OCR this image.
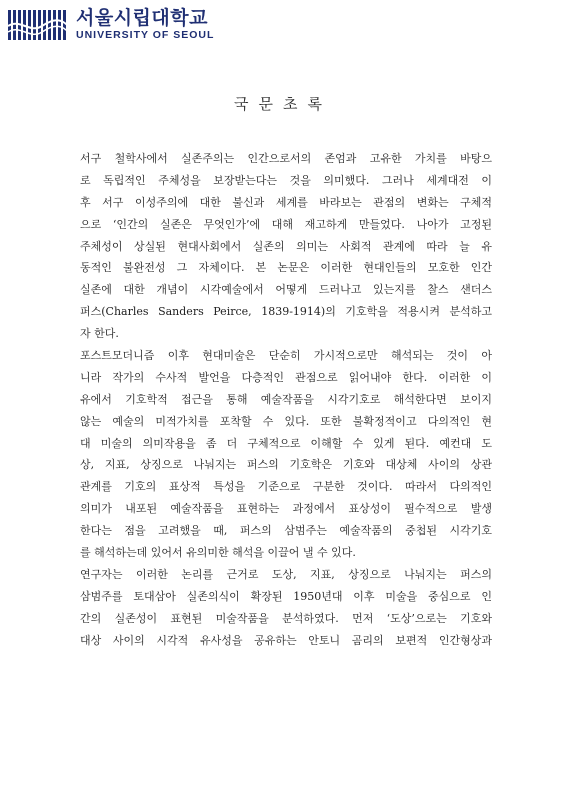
서울시립대학교
UNIVERSITY OF SEOUL
국문초록
서구 철학사에서 실존주의는 인간으로서의 존엄과 고유한 가치를 바탕으
로 독립적인 주체성을 보장받는다는 것을 의미했다. 그러나 세계대전 이
후 서구 이성주의에 대한 불신과 세계를 바라보는 관점의 변화는 구체적
으로 ‘인간의 실존은 무엇인가’에 대해 재고하게 만들었다. 나아가 고정된
주체성이 상실된 현대사회에서 실존의 의미는 사회적 관계에 따라 늘 유
동적인 불완전성 그 자체이다. 본 논문은 이러한 현대인들의 모호한 인간
실존에 대한 개념이 시각예술에서 어떻게 드러나고 있는지를 찰스 샌더스
퍼스(Charles Sanders Peirce, 1839-1914)의 기호학을 적용시켜 분석하고
자 한다.
포스트모더니즘 이후 현대미술은 단순히 가시적으로만 해석되는 것이 아
니라 작가의 수사적 발언을 다층적인 관점으로 읽어내야 한다. 이러한 이
유에서 기호학적 접근을 통해 예술작품을 시각기호로 해석한다면 보이지
않는 예술의 미적가치를 포착할 수 있다. 또한 불확정적이고 다의적인 현
대 미술의 의미작용을 좀 더 구체적으로 이해할 수 있게 된다. 예컨대 도
상, 지표, 상징으로 나눠지는 퍼스의 기호학은 기호와 대상체 사이의 상관
관계를 기호의 표상적 특성을 기준으로 구분한 것이다. 따라서 다의적인
의미가 내포된 예술작품을 표현하는 과정에서 표상성이 필수적으로 발생
한다는 점을 고려했을 때, 퍼스의 삼범주는 예술작품의 중첩된 시각기호
를 해석하는데 있어서 유의미한 해석을 이끌어 낼 수 있다.
연구자는 이러한 논리를 근거로 도상, 지표, 상징으로 나눠지는 퍼스의
삼범주를 토대삼아 실존의식이 확장된 1950년대 이후 미술을 중심으로 인
간의 실존성이 표현된 미술작품을 분석하였다. 먼저 ‘도상’으로는 기호와
대상 사이의 시각적 유사성을 공유하는 안토니 곰리의 보편적 인간형상과
